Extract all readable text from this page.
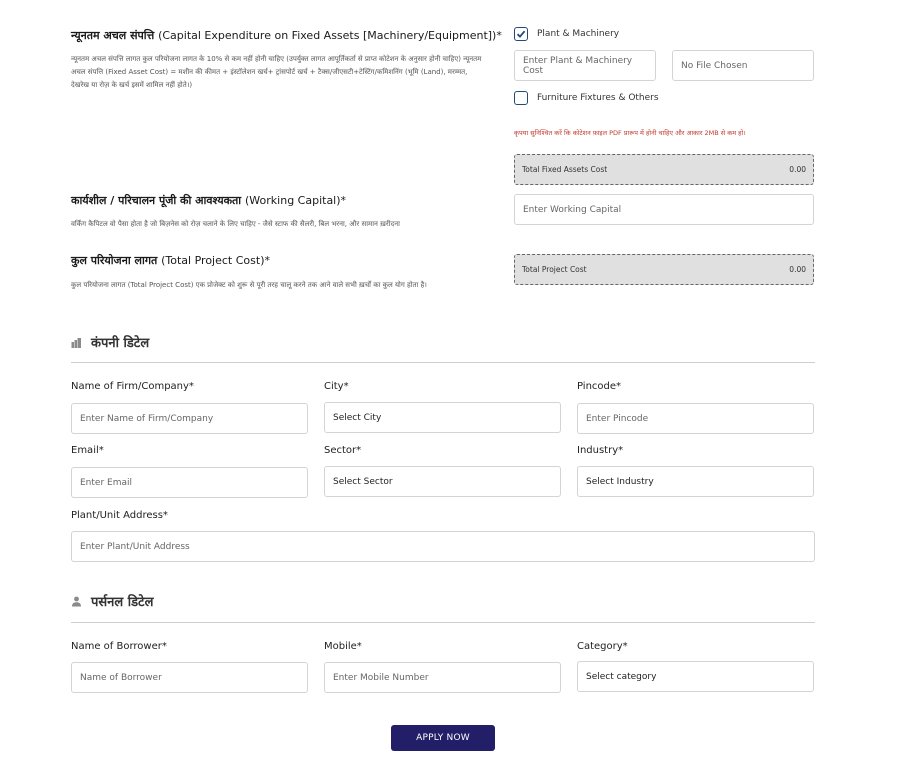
न्यूनतम अचल संपत्ति (Capital Expenditure on Fixed Assets [Machinery/Equipment])*
न्यूनतम अचल संपत्ति लागत कुल परियोजना लागत के 10% से कम नहीं होनी चाहिए (उपर्युक्त लागत आपूर्तिकर्ता से प्राप्त कोटेशन के अनुसार होनी चाहिए) न्यूनतम अचल संपत्ति (Fixed Asset Cost) = मशीन की कीमत + इंस्टॉलेशन खर्च+ ट्रांसपोर्ट खर्च + टैक्स/जीएसटी+टेस्टिंग/कमिशनिंग (भूमि (Land), मरम्मत, देखरेख या रोज़ के खर्च इसमें शामिल नहीं होते।)
Plant & Machinery
Enter Plant & Machinery Cost	No File Chosen
Furniture Fixtures & Others
कृपया सुनिश्चित करें कि कोटेशन फ़ाइल PDF प्रारूप में होनी चाहिए और आकार 2MB से कम हो।
Total Fixed Assets Cost	0.00
कार्यशील / परिचालन पूंजी की आवश्यकता (Working Capital)*
वर्किंग कैपिटल वो पैसा होता है जो बिज़नेस को रोज़ चलाने के लिए चाहिए - जैसे स्टाफ की सैलरी, बिल भरना, और सामान ख़रीदना
Enter Working Capital
कुल परियोजना लागत (Total Project Cost)*
कुल परियोजना लागत (Total Project Cost) एक प्रोजेक्ट को शुरू से पूरी तरह चालू करने तक आने वाले सभी ख़र्चों का कुल योग होता है।
Total Project Cost	0.00
कंपनी डिटेल
Name of Firm/Company*	City*	Pincode*
Enter Name of Firm/Company	Select City	Enter Pincode
Email*	Sector*	Industry*
Enter Email	Select Sector	Select Industry
Plant/Unit Address*
Enter Plant/Unit Address
पर्सनल डिटेल
Name of Borrower*	Mobile*	Category*
Name of Borrower	Enter Mobile Number	Select category
APPLY NOW
